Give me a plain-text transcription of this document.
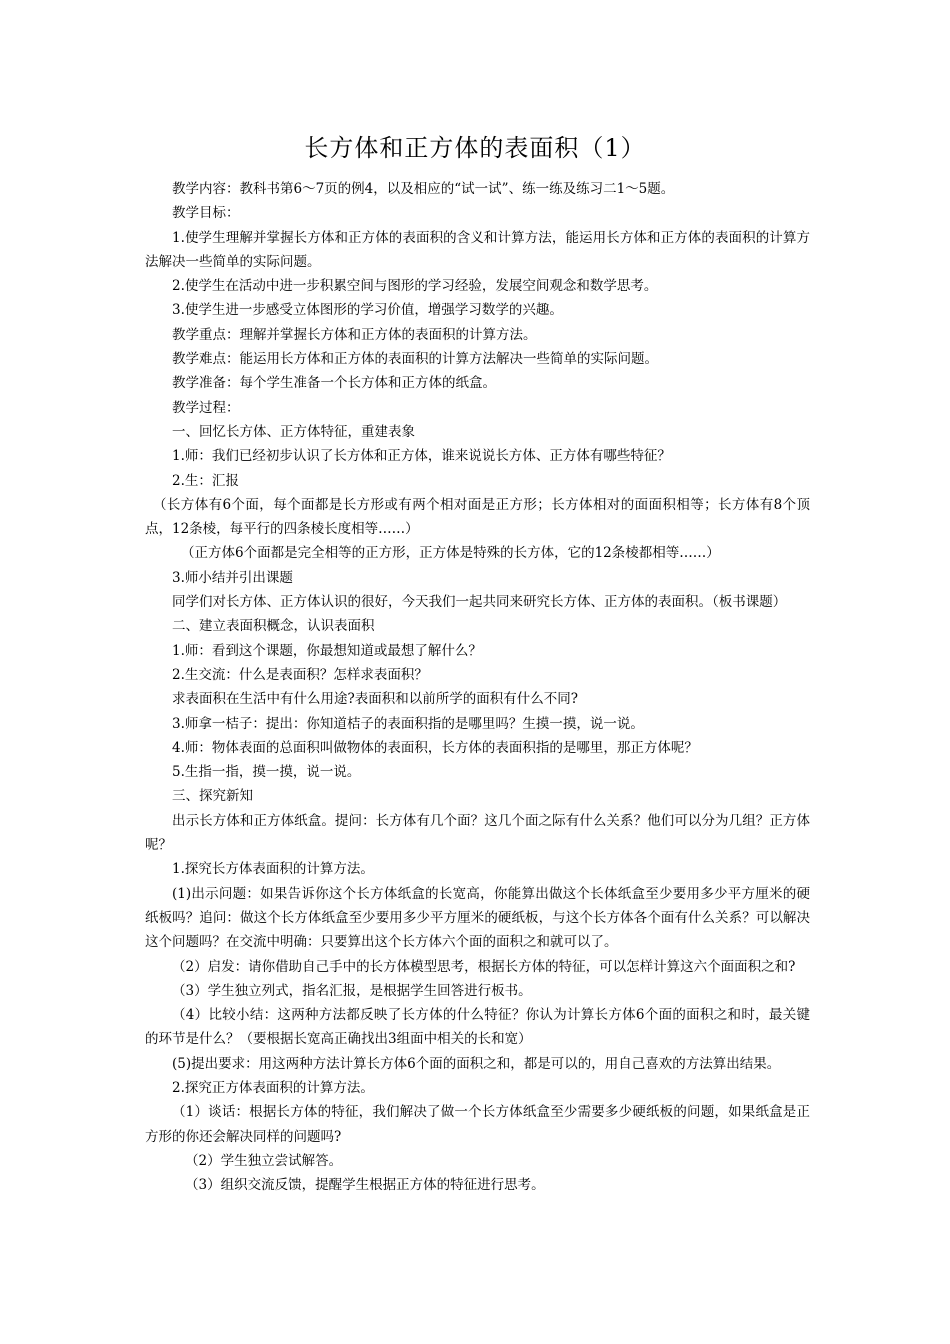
长方体和正方体的表面积（1）

教学内容：教科书第6～7页的例4，以及相应的“试一试”、练一练及练习二1～5题。

教学目标：

1.使学生理解并掌握长方体和正方体的表面积的含义和计算方法，能运用长方体和正方体的表面积的计算方法解决一些简单的实际问题。

2.使学生在活动中进一步积累空间与图形的学习经验，发展空间观念和数学思考。

3.使学生进一步感受立体图形的学习价值，增强学习数学的兴趣。

教学重点：理解并掌握长方体和正方体的表面积的计算方法。

教学难点：能运用长方体和正方体的表面积的计算方法解决一些简单的实际问题。

教学准备：每个学生准备一个长方体和正方体的纸盒。

教学过程：

一、回忆长方体、正方体特征，重建表象

1.师：我们已经初步认识了长方体和正方体，谁来说说长方体、正方体有哪些特征？

2.生：汇报

（长方体有6个面，每个面都是长方形或有两个相对面是正方形；长方体相对的面面积相等；长方体有8个顶点，12条棱，每平行的四条棱长度相等……）

（正方体6个面都是完全相等的正方形，正方体是特殊的长方体，它的12条棱都相等……）

3.师小结并引出课题

同学们对长方体、正方体认识的很好，今天我们一起共同来研究长方体、正方体的表面积。（板书课题）

二、建立表面积概念，认识表面积

1.师：看到这个课题，你最想知道或最想了解什么？

2.生交流：什么是表面积？怎样求表面积？

求表面积在生活中有什么用途?表面积和以前所学的面积有什么不同?

3.师拿一桔子：提出：你知道桔子的表面积指的是哪里吗？生摸一摸，说一说。

4.师：物体表面的总面积叫做物体的表面积，长方体的表面积指的是哪里，那正方体呢？

5.生指一指，摸一摸，说一说。

三、探究新知

出示长方体和正方体纸盒。提问：长方体有几个面？这几个面之际有什么关系？他们可以分为几组？正方体呢？

1.探究长方体表面积的计算方法。

(1)出示问题：如果告诉你这个长方体纸盒的长宽高，你能算出做这个长体纸盒至少要用多少平方厘米的硬纸板吗？追问：做这个长方体纸盒至少要用多少平方厘米的硬纸板，与这个长方体各个面有什么关系？可以解决这个问题吗？在交流中明确：只要算出这个长方体六个面的面积之和就可以了。

（2）启发：请你借助自己手中的长方体模型思考，根据长方体的特征，可以怎样计算这六个面面积之和?

（3）学生独立列式，指名汇报，是根据学生回答进行板书。

（4）比较小结：这两种方法都反映了长方体的什么特征？你认为计算长方体6个面的面积之和时，最关键的环节是什么？（要根据长宽高正确找出3组面中相关的长和宽）

(5)提出要求：用这两种方法计算长方体6个面的面积之和，都是可以的，用自己喜欢的方法算出结果。

2.探究正方体表面积的计算方法。

（1）谈话：根据长方体的特征，我们解决了做一个长方体纸盒至少需要多少硬纸板的问题，如果纸盒是正方形的你还会解决同样的问题吗?

（2）学生独立尝试解答。

（3）组织交流反馈，提醒学生根据正方体的特征进行思考。
